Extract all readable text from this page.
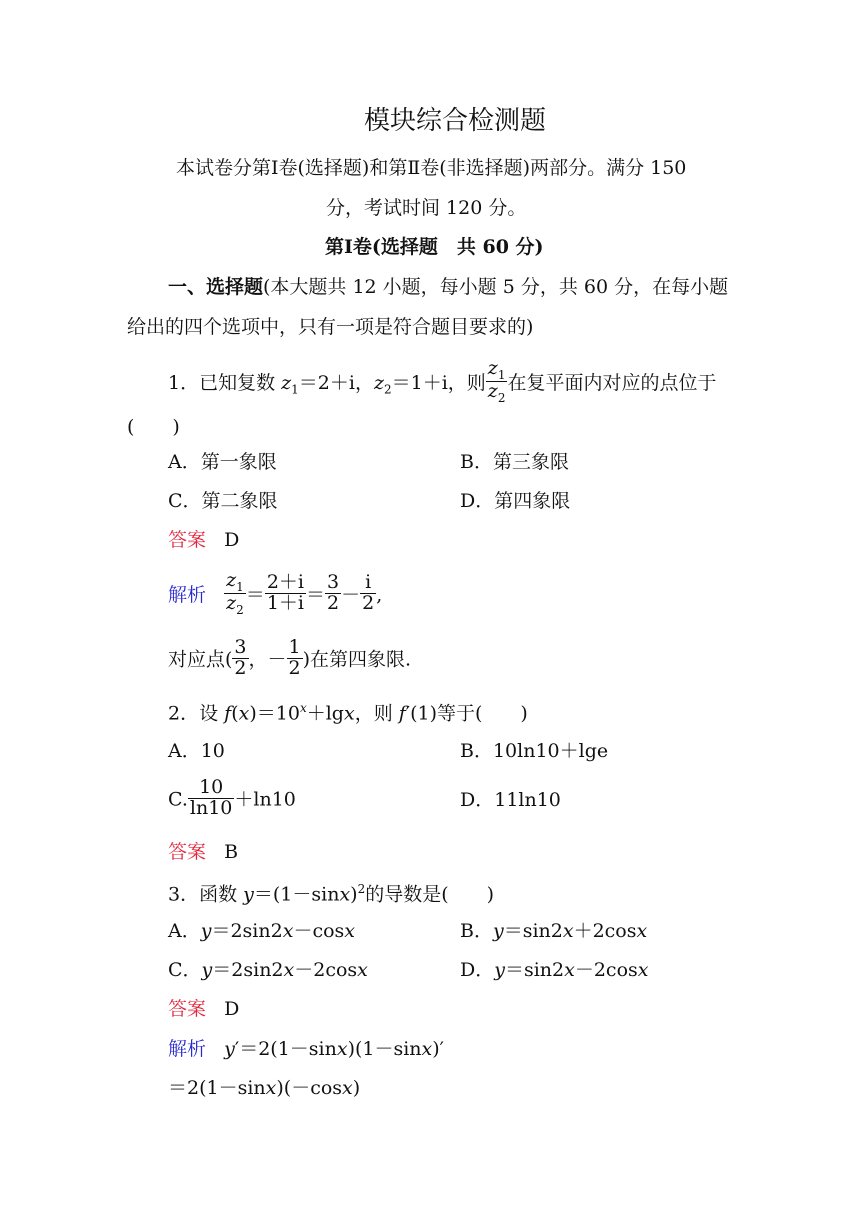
模块综合检测题
本试卷分第Ⅰ卷(选择题)和第Ⅱ卷(非选择题)两部分。满分 150
分，考试时间 120 分。
第Ⅰ卷(选择题　共 60 分)
一、选择题(本大题共 12 小题，每小题 5 分，共 60 分，在每小题
给出的四个选项中，只有一项是符合题目要求的)
1．已知复数 $z_1=2+i$，$z_2=1+i$，则 $\frac{z_1}{z_2}$ 在复平面内对应的点位于
(　　)
A．第一象限	B．第三象限
C．第二象限	D．第四象限
答案 D
解析 $\frac{z_1}{z_2} = \frac{2+i}{1+i} = \frac{3}{2} - \frac{i}{2}$ ,
对应点( $\frac{3}{2}$ ，－ $\frac{1}{2}$ )在第四象限.
2．设 $f(x)=10^x+\lg x$，则 f′(1)等于(　　)
A．10	B．10ln10＋lge
C. $\frac{10}{\ln 10} +\ln 10$	D．11ln10
答案 B
3．函数 $y=(1-\sin x)^2$的导数是(　　)
A．y＝2sin2x－cosx	B．y＝sin2x＋2cosx
C．y＝2sin2x－2cosx	D．y＝sin2x－2cosx
答案 D
解析 y′＝2(1－sinx)(1－sinx)′
＝2(1－sinx)(－cosx)
